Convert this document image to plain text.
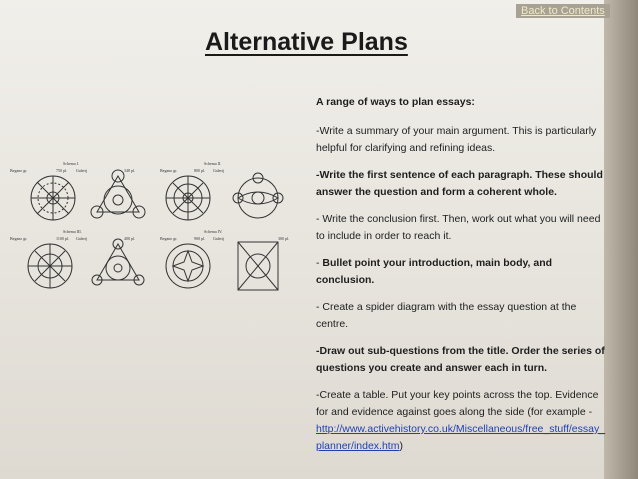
Back to Contents
Alternative Plans
Schema I.	Schema II.
Schema III.	Schema IV.
Begano gr.	750 pl. Galerij	348 pl.	Begano gr.	800 pl. Galerij
Begano gr.	1100 pl. Galerij	400 pl.	Begano gr.	900 pl. Galerij	300 pl.

A range of ways to plan essays:

-Write a summary of your main argument. This is particularly helpful for clarifying and refining ideas.

-Write the first sentence of each paragraph. These should answer the question and form a coherent whole.

- Write the conclusion first. Then, work out what you will need to include in order to reach it.

- Bullet point your introduction, main body, and conclusion.

- Create a spider diagram with the essay question at the centre.

-Draw out sub-questions from the title. Order the series of questions you create and answer each in turn.

-Create a table. Put your key points across the top. Evidence for and evidence against goes along the side (for example -
http://www.activehistory.co.uk/Miscellaneous/free_stuff/essay_planner/index.htm)
